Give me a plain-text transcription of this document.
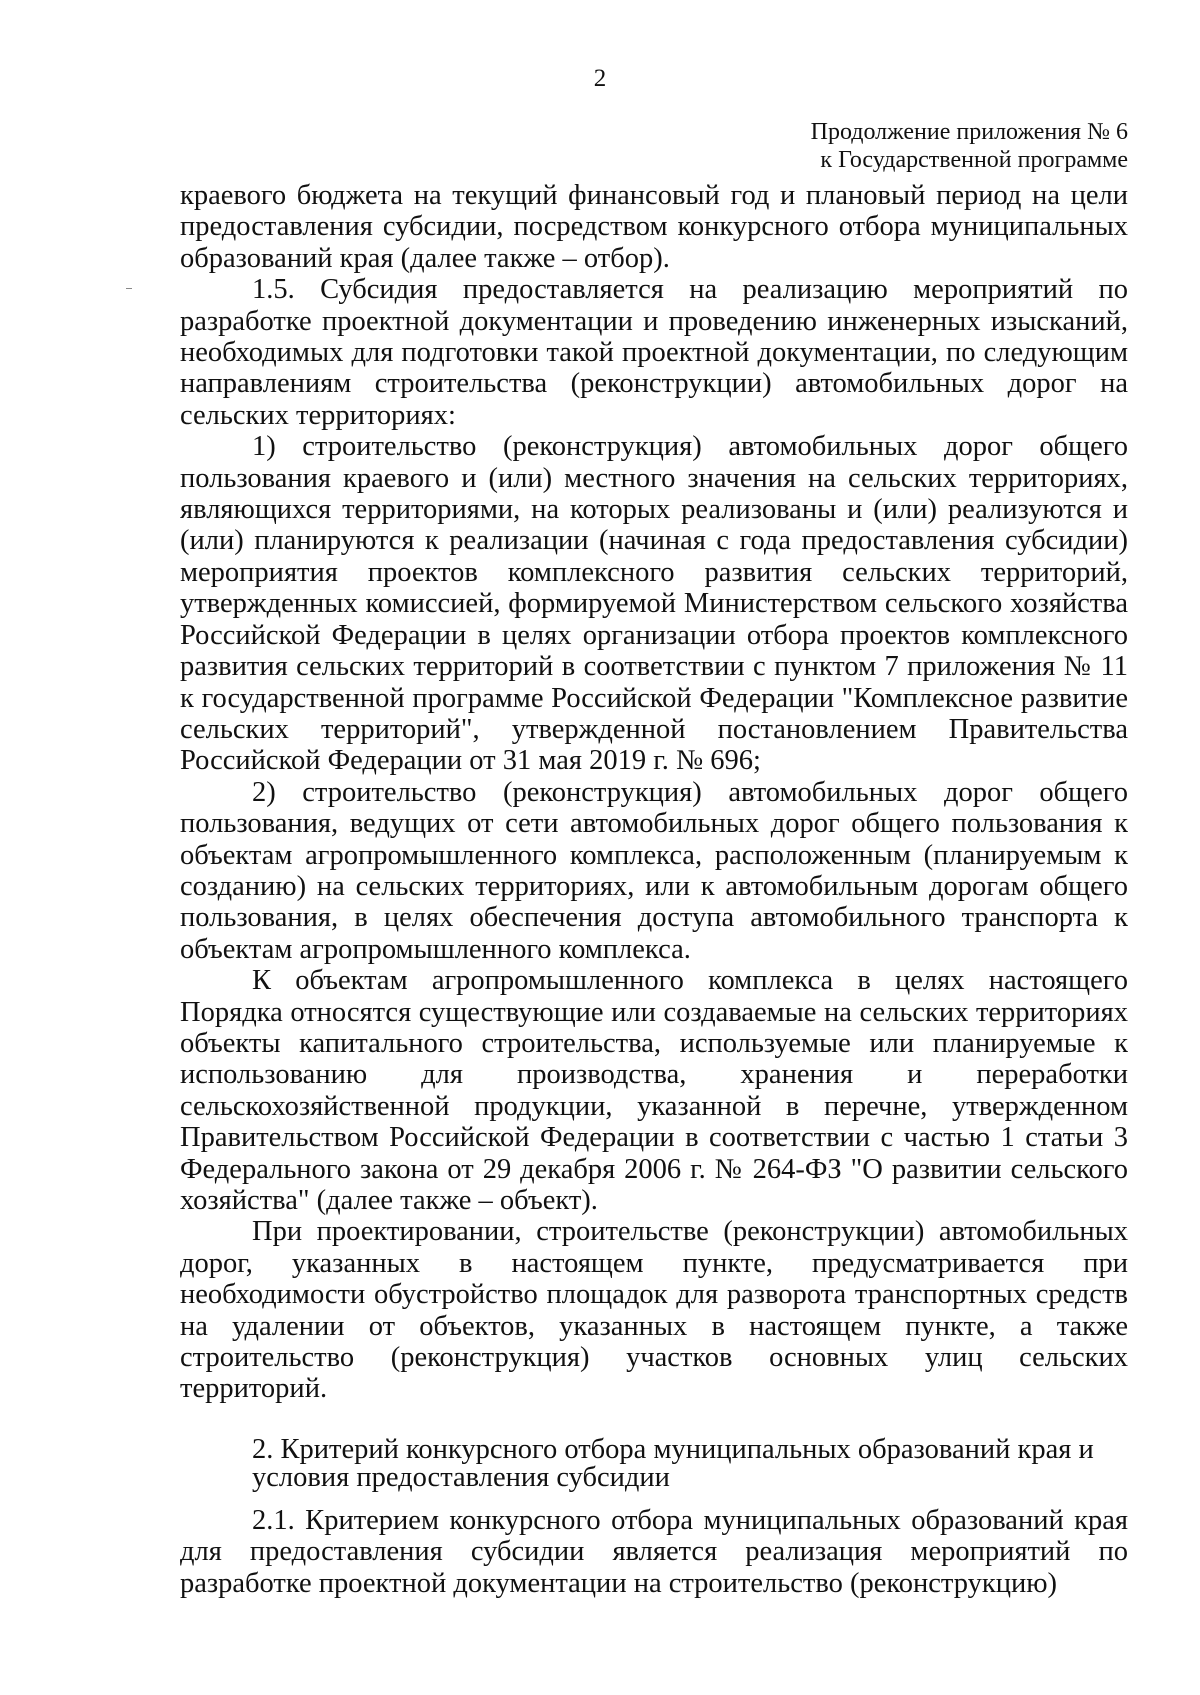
2
Продолжение приложения № 6
к Государственной программе

краевого бюджета на текущий финансовый год и плановый период на цели предоставления субсидии, посредством конкурсного отбора муниципальных образований края (далее также – отбор).

1.5. Субсидия предоставляется на реализацию мероприятий по разработке проектной документации и проведению инженерных изысканий, необходимых для подготовки такой проектной документации, по следующим направлениям строительства (реконструкции) автомобильных дорог на сельских территориях:

1) строительство (реконструкция) автомобильных дорог общего пользования краевого и (или) местного значения на сельских территориях, являющихся территориями, на которых реализованы и (или) реализуются и (или) планируются к реализации (начиная с года предоставления субсидии) мероприятия проектов комплексного развития сельских территорий, утвержденных комиссией, формируемой Министерством сельского хозяйства Российской Федерации в целях организации отбора проектов комплексного развития сельских территорий в соответствии с пунктом 7 приложения № 11 к государственной программе Российской Федерации "Комплексное развитие сельских территорий", утвержденной постановлением Правительства Российской Федерации от 31 мая 2019 г. № 696;

2) строительство (реконструкция) автомобильных дорог общего пользования, ведущих от сети автомобильных дорог общего пользования к объектам агропромышленного комплекса, расположенным (планируемым к созданию) на сельских территориях, или к автомобильным дорогам общего пользования, в целях обеспечения доступа автомобильного транспорта к объектам агропромышленного комплекса.

К объектам агропромышленного комплекса в целях настоящего Порядка относятся существующие или создаваемые на сельских территориях объекты капитального строительства, используемые или планируемые к использованию для производства, хранения и переработки сельскохозяйственной продукции, указанной в перечне, утвержденном Правительством Российской Федерации в соответствии с частью 1 статьи 3 Федерального закона от 29 декабря 2006 г. № 264-ФЗ "О развитии сельского хозяйства" (далее также – объект).

При проектировании, строительстве (реконструкции) автомобильных дорог, указанных в настоящем пункте, предусматривается при необходимости обустройство площадок для разворота транспортных средств на удалении от объектов, указанных в настоящем пункте, а также строительство (реконструкция) участков основных улиц сельских территорий.

2. Критерий конкурсного отбора муниципальных образований края и условия предоставления субсидии

2.1. Критерием конкурсного отбора муниципальных образований края для предоставления субсидии является реализация мероприятий по разработке проектной документации на строительство (реконструкцию)
